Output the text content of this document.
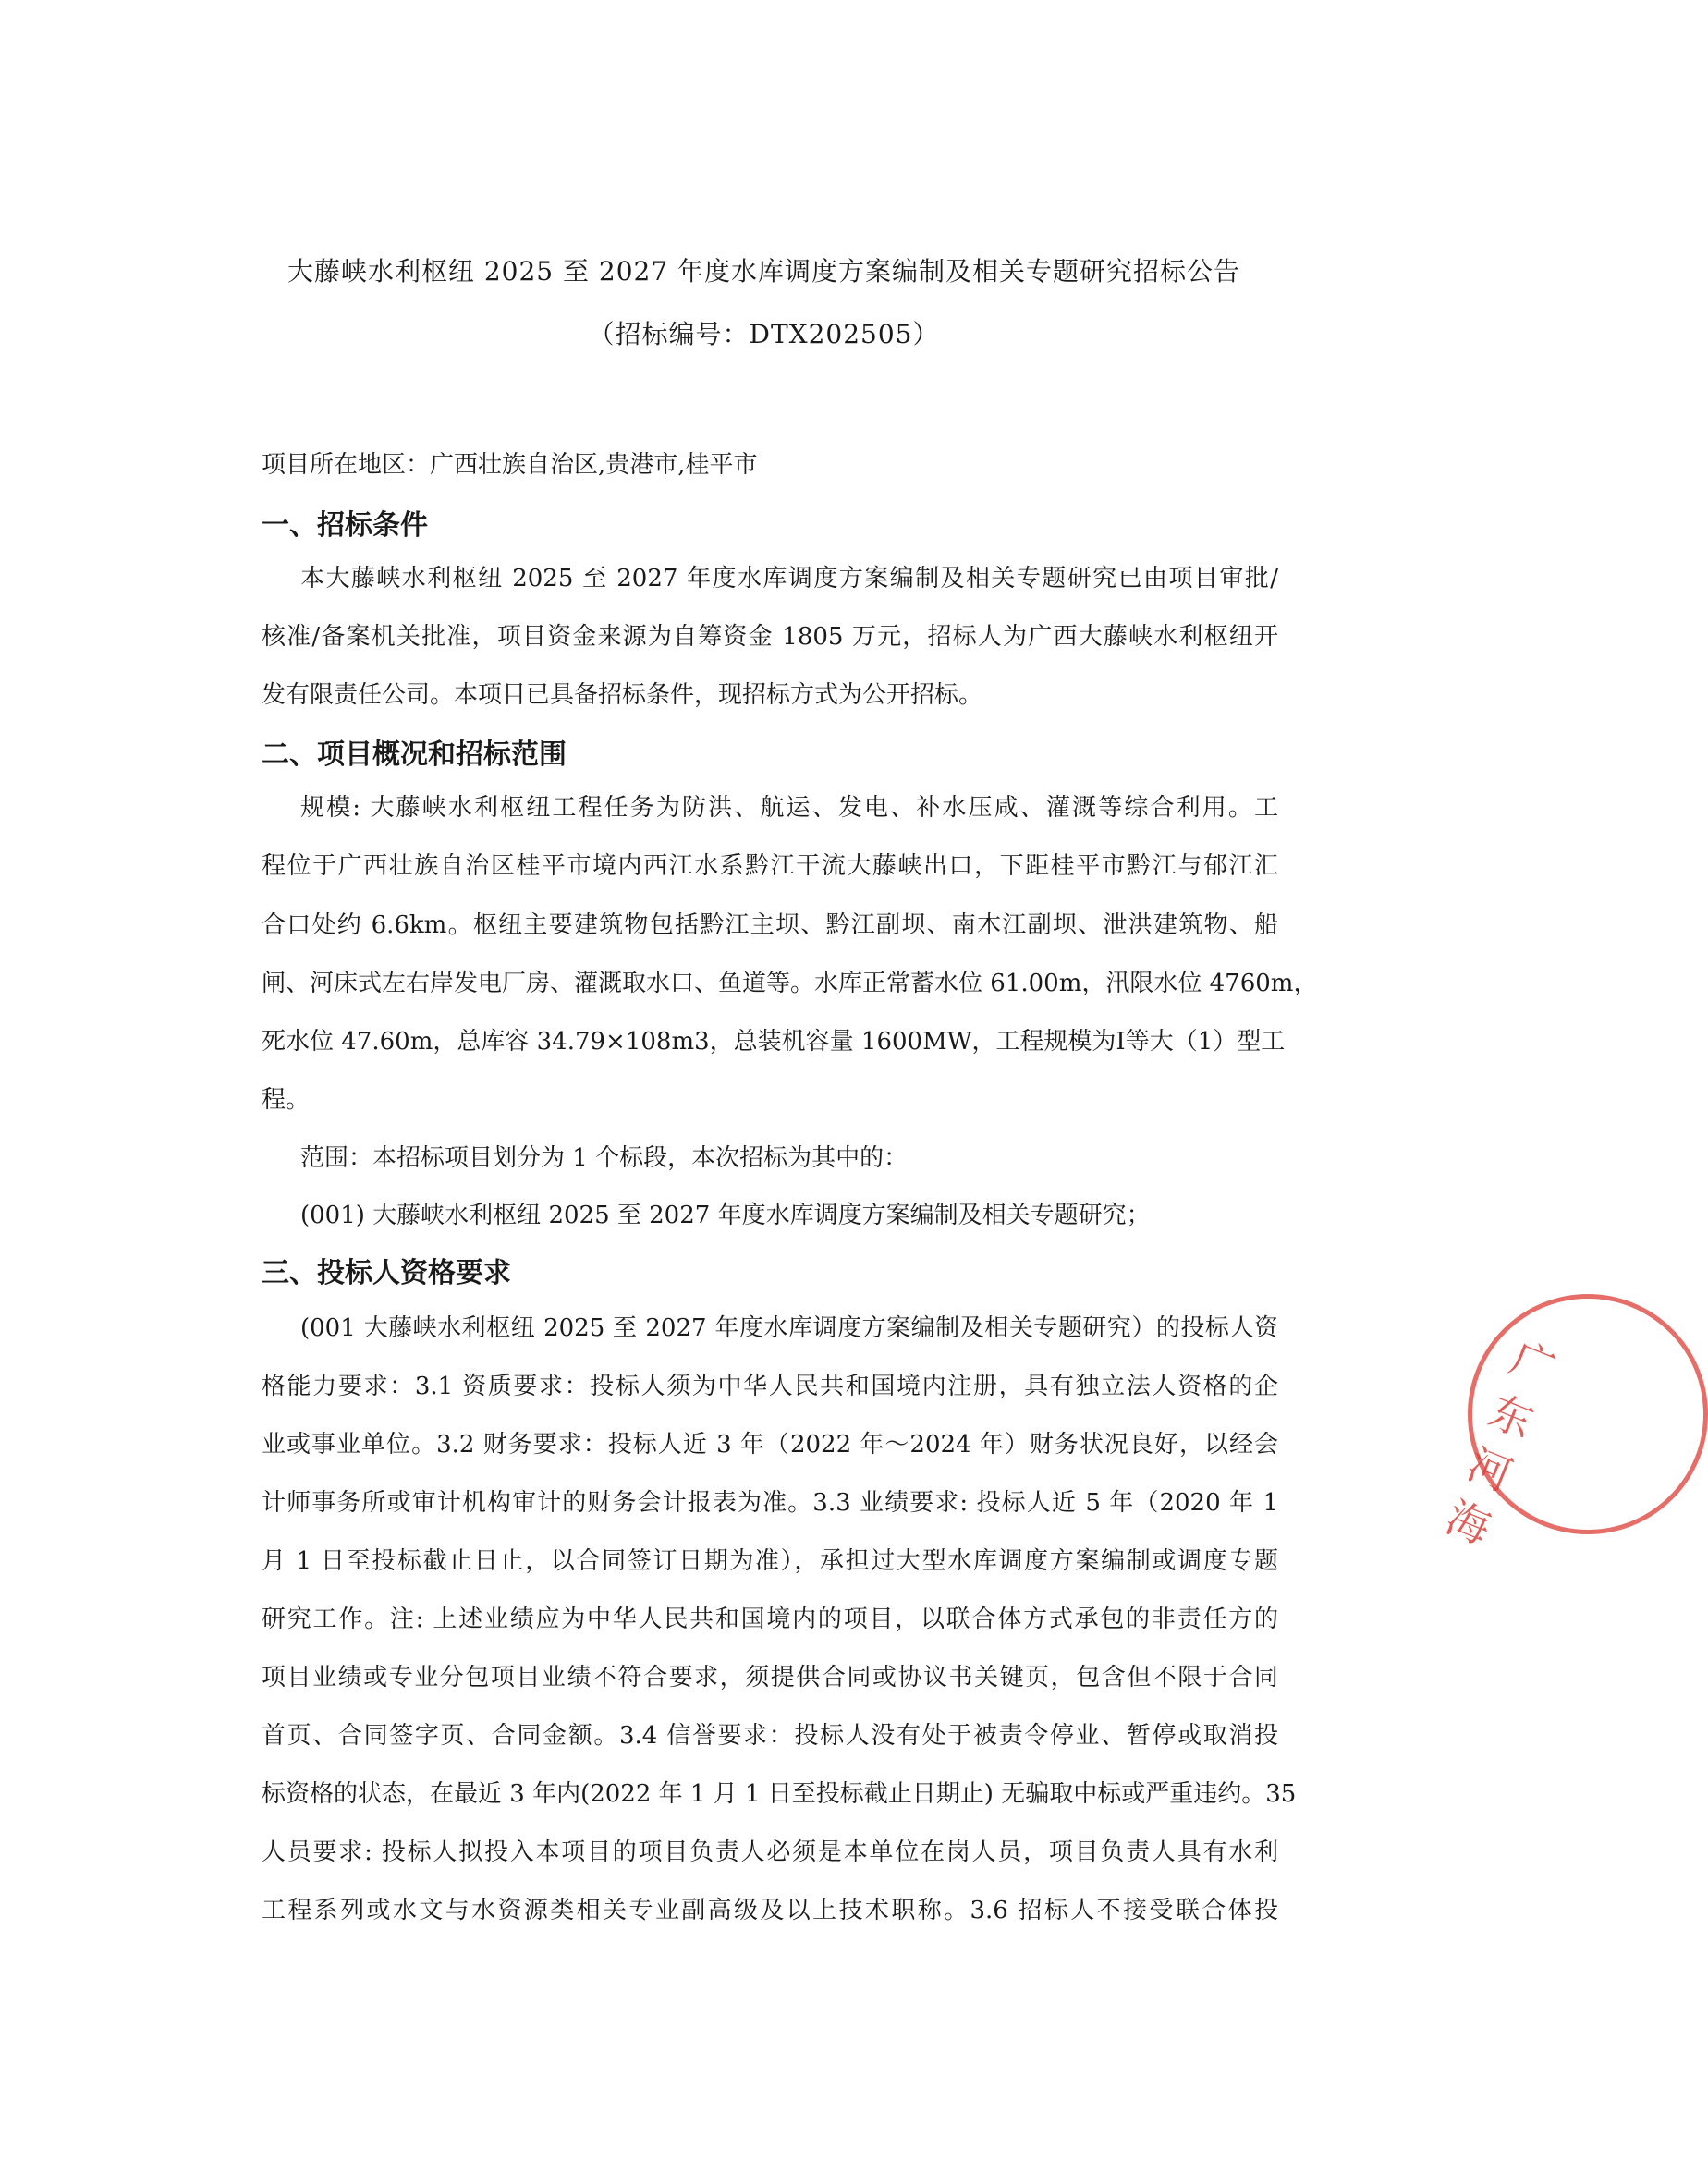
大藤峡水利枢纽 2025 至 2027 年度水库调度方案编制及相关专题研究招标公告
（招标编号：DTX202505）
项目所在地区：广西壮族自治区,贵港市,桂平市
一、招标条件
本大藤峡水利枢纽 2025 至 2027 年度水库调度方案编制及相关专题研究已由项目审批/
核准/备案机关批准，项目资金来源为自筹资金 1805 万元，招标人为广西大藤峡水利枢纽开
发有限责任公司。本项目已具备招标条件，现招标方式为公开招标。
二、项目概况和招标范围
规模: 大藤峡水利枢纽工程任务为防洪、航运、发电、补水压咸、灌溉等综合利用。工
程位于广西壮族自治区桂平市境内西江水系黔江干流大藤峡出口，下距桂平市黔江与郁江汇
合口处约 6.6km。枢纽主要建筑物包括黔江主坝、黔江副坝、南木江副坝、泄洪建筑物、船
闸、河床式左右岸发电厂房、灌溉取水口、鱼道等。水库正常蓄水位 61.00m，汛限水位 4760m，
死水位 47.60m，总库容 34.79×108m3，总装机容量 1600MW，工程规模为Ⅰ等大（1）型工
程。
范围：本招标项目划分为 1 个标段，本次招标为其中的：
(001) 大藤峡水利枢纽 2025 至 2027 年度水库调度方案编制及相关专题研究；
三、投标人资格要求
(001 大藤峡水利枢纽 2025 至 2027 年度水库调度方案编制及相关专题研究）的投标人资
格能力要求：3.1 资质要求：投标人须为中华人民共和国境内注册，具有独立法人资格的企
业或事业单位。3.2 财务要求：投标人近 3 年（2022 年～2024 年）财务状况良好，以经会
计师事务所或审计机构审计的财务会计报表为准。3.3 业绩要求: 投标人近 5 年（2020 年 1
月 1 日至投标截止日止，以合同签订日期为准），承担过大型水库调度方案编制或调度专题
研究工作。注: 上述业绩应为中华人民共和国境内的项目，以联合体方式承包的非责任方的
项目业绩或专业分包项目业绩不符合要求，须提供合同或协议书关键页，包含但不限于合同
首页、合同签字页、合同金额。3.4 信誉要求：投标人没有处于被责令停业、暂停或取消投
标资格的状态，在最近 3 年内(2022 年 1 月 1 日至投标截止日期止) 无骗取中标或严重违约。35
人员要求: 投标人拟投入本项目的项目负责人必须是本单位在岗人员，项目负责人具有水利
工程系列或水文与水资源类相关专业副高级及以上技术职称。3.6 招标人不接受联合体投
广东河海
